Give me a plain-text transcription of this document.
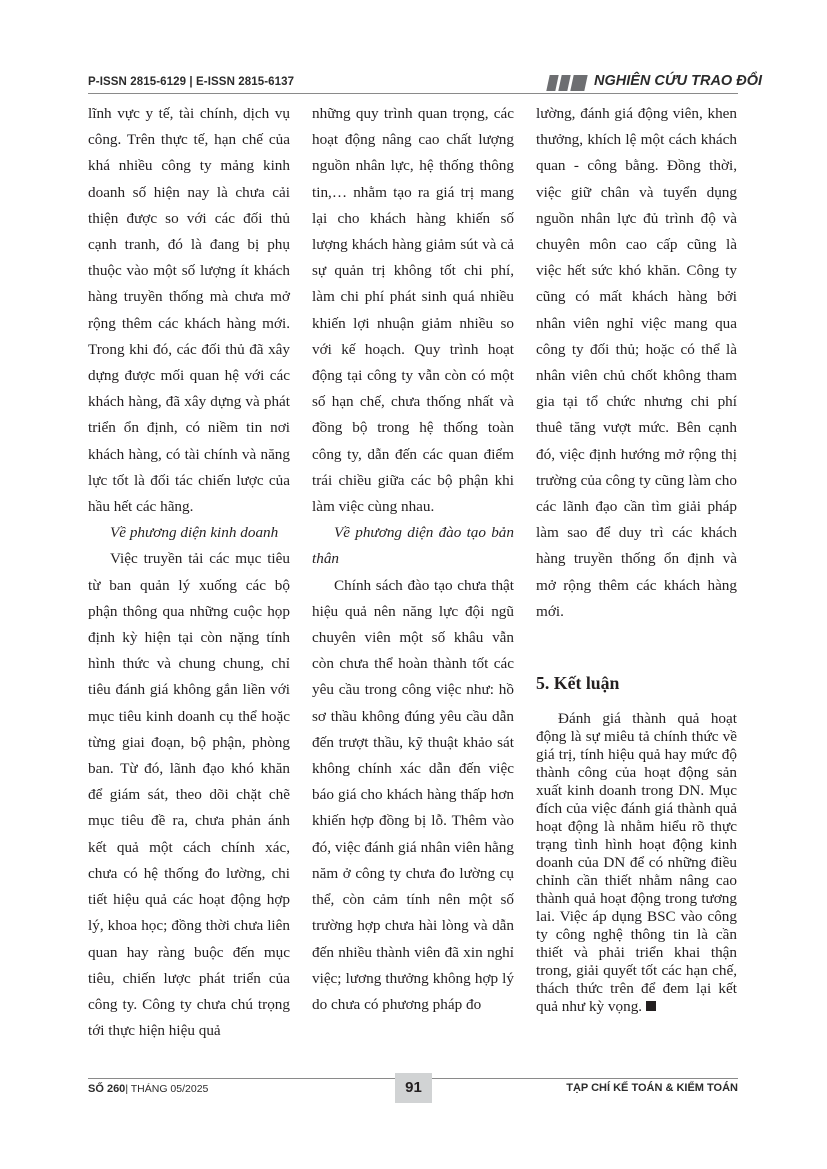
P-ISSN 2815-6129 | E-ISSN 2815-6137	NGHIÊN CỨU TRAO ĐỔI

lĩnh vực y tế, tài chính, dịch vụ công. Trên thực tế, hạn chế của khá nhiều công ty mảng kinh doanh số hiện nay là chưa cải thiện được so với các đối thủ cạnh tranh, đó là đang bị phụ thuộc vào một số lượng ít khách hàng truyền thống mà chưa mở rộng thêm các khách hàng mới. Trong khi đó, các đối thủ đã xây dựng được mối quan hệ với các khách hàng, đã xây dựng và phát triển ổn định, có niềm tin nơi khách hàng, có tài chính và năng lực tốt là đối tác chiến lược của hầu hết các hãng.

Về phương diện kinh doanh

Việc truyền tải các mục tiêu từ ban quản lý xuống các bộ phận thông qua những cuộc họp định kỳ hiện tại còn nặng tính hình thức và chung chung, chỉ tiêu đánh giá không gắn liền với mục tiêu kinh doanh cụ thể hoặc từng giai đoạn, bộ phận, phòng ban. Từ đó, lãnh đạo khó khăn để giám sát, theo dõi chặt chẽ mục tiêu đề ra, chưa phản ánh kết quả một cách chính xác, chưa có hệ thống đo lường, chi tiết hiệu quả các hoạt động hợp lý, khoa học; đồng thời chưa liên quan hay ràng buộc đến mục tiêu, chiến lược phát triển của công ty. Công ty chưa chú trọng tới thực hiện hiệu quả

những quy trình quan trọng, các hoạt động nâng cao chất lượng nguồn nhân lực, hệ thống thông tin,… nhằm tạo ra giá trị mang lại cho khách hàng khiến số lượng khách hàng giảm sút và cả sự quản trị không tốt chi phí, làm chi phí phát sinh quá nhiều khiến lợi nhuận giảm nhiều so với kế hoạch. Quy trình hoạt động tại công ty vẫn còn có một số hạn chế, chưa thống nhất và đồng bộ trong hệ thống toàn công ty, dẫn đến các quan điểm trái chiều giữa các bộ phận khi làm việc cùng nhau.

Về phương diện đào tạo bản thân

Chính sách đào tạo chưa thật hiệu quả nên năng lực đội ngũ chuyên viên một số khâu vẫn còn chưa thể hoàn thành tốt các yêu cầu trong công việc như: hồ sơ thầu không đúng yêu cầu dẫn đến trượt thầu, kỹ thuật khảo sát không chính xác dẫn đến việc báo giá cho khách hàng thấp hơn khiến hợp đồng bị lỗ. Thêm vào đó, việc đánh giá nhân viên hằng năm ở công ty chưa đo lường cụ thể, còn cảm tính nên một số trường hợp chưa hài lòng và dẫn đến nhiều thành viên đã xin nghỉ việc; lương thưởng không hợp lý do chưa có phương pháp đo

lường, đánh giá động viên, khen thưởng, khích lệ một cách khách quan - công bằng. Đồng thời, việc giữ chân và tuyển dụng nguồn nhân lực đủ trình độ và chuyên môn cao cấp cũng là việc hết sức khó khăn. Công ty cũng có mất khách hàng bởi nhân viên nghỉ việc mang qua công ty đối thủ; hoặc có thể là nhân viên chủ chốt không tham gia tại tổ chức nhưng chi phí thuê tăng vượt mức. Bên cạnh đó, việc định hướng mở rộng thị trường của công ty cũng làm cho các lãnh đạo cần tìm giải pháp làm sao để duy trì các khách hàng truyền thống ổn định và mở rộng thêm các khách hàng mới.

5. Kết luận

Đánh giá thành quả hoạt động là sự miêu tả chính thức về giá trị, tính hiệu quả hay mức độ thành công của hoạt động sản xuất kinh doanh trong DN. Mục đích của việc đánh giá thành quả hoạt động là nhằm hiểu rõ thực trạng tình hình hoạt động kinh doanh của DN để có những điều chỉnh cần thiết nhằm nâng cao thành quả hoạt động trong tương lai. Việc áp dụng BSC vào công ty công nghệ thông tin là cần thiết và phải triển khai thận trong, giải quyết tốt các hạn chế, thách thức trên để đem lại kết quả như kỳ vọng.

SỐ 260| THÁNG 05/2025	91	TẠP CHÍ KẾ TOÁN & KIỂM TOÁN
